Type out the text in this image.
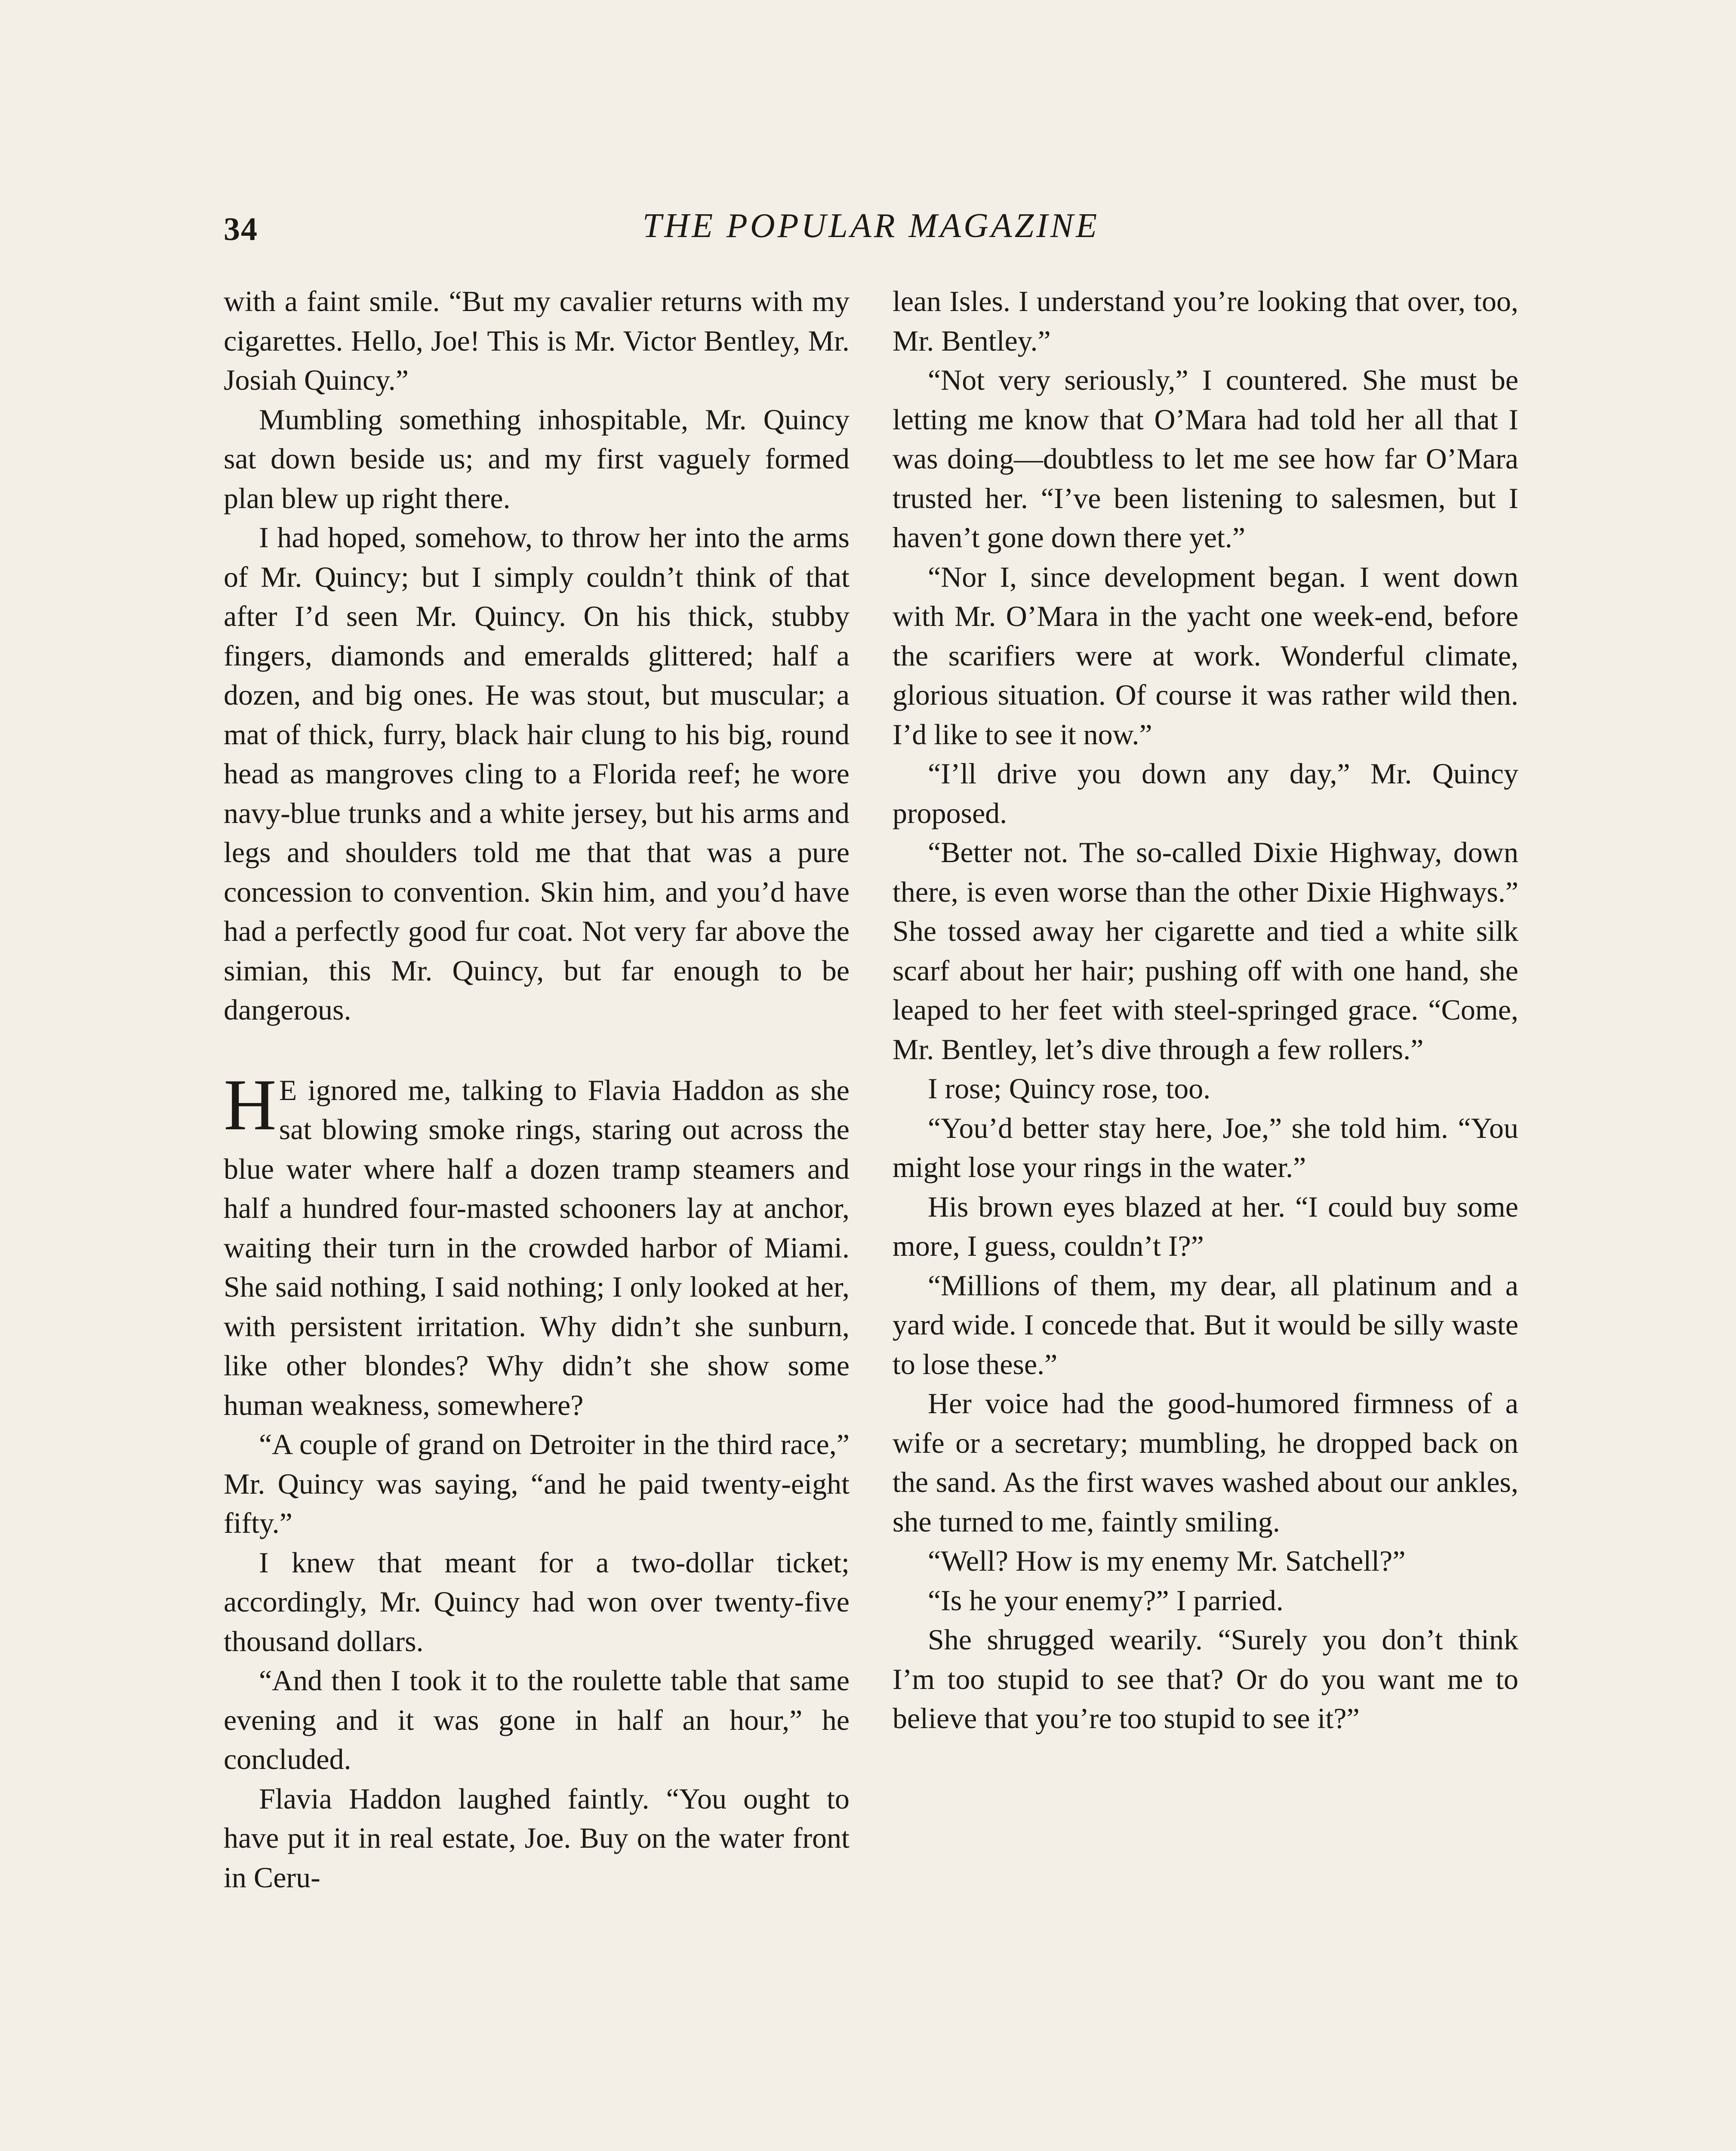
34	THE POPULAR MAGAZINE

with a faint smile. “But my cavalier returns with my cigarettes. Hello, Joe! This is Mr. Victor Bentley, Mr. Josiah Quincy.”

Mumbling something inhospitable, Mr. Quincy sat down beside us; and my first vaguely formed plan blew up right there.

I had hoped, somehow, to throw her into the arms of Mr. Quincy; but I simply couldn’t think of that after I’d seen Mr. Quincy. On his thick, stubby fingers, diamonds and emeralds glittered; half a dozen, and big ones. He was stout, but muscular; a mat of thick, furry, black hair clung to his big, round head as mangroves cling to a Florida reef; he wore navy-blue trunks and a white jersey, but his arms and legs and shoulders told me that that was a pure concession to convention. Skin him, and you’d have had a perfectly good fur coat. Not very far above the simian, this Mr. Quincy, but far enough to be dangerous.

H E ignored me, talking to Flavia Haddon as she sat blowing smoke rings, staring out across the blue water where half a dozen tramp steamers and half a hundred four-masted schooners lay at anchor, waiting their turn in the crowded harbor of Miami. She said nothing, I said nothing; I only looked at her, with persistent irritation. Why didn’t she sunburn, like other blondes? Why didn’t she show some human weakness, somewhere?

“A couple of grand on Detroiter in the third race,” Mr. Quincy was saying, “and he paid twenty-eight fifty.”

I knew that meant for a two-dollar ticket; accordingly, Mr. Quincy had won over twenty-five thousand dollars.

“And then I took it to the roulette table that same evening and it was gone in half an hour,” he concluded.

Flavia Haddon laughed faintly. “You ought to have put it in real estate, Joe. Buy on the water front in Ceru-

lean Isles. I understand you’re looking that over, too, Mr. Bentley.”

“Not very seriously,” I countered. She must be letting me know that O’Mara had told her all that I was doing—doubtless to let me see how far O’Mara trusted her. “I’ve been listening to salesmen, but I haven’t gone down there yet.”

“Nor I, since development began. I went down with Mr. O’Mara in the yacht one week-end, before the scarifiers were at work. Wonderful climate, glorious situation. Of course it was rather wild then. I’d like to see it now.”

“I’ll drive you down any day,” Mr. Quincy proposed.

“Better not. The so-called Dixie Highway, down there, is even worse than the other Dixie Highways.” She tossed away her cigarette and tied a white silk scarf about her hair; pushing off with one hand, she leaped to her feet with steel-springed grace. “Come, Mr. Bentley, let’s dive through a few rollers.”

I rose; Quincy rose, too.

“You’d better stay here, Joe,” she told him. “You might lose your rings in the water.”

His brown eyes blazed at her. “I could buy some more, I guess, couldn’t I?”

“Millions of them, my dear, all platinum and a yard wide. I concede that. But it would be silly waste to lose these.”

Her voice had the good-humored firmness of a wife or a secretary; mumbling, he dropped back on the sand. As the first waves washed about our ankles, she turned to me, faintly smiling.

“Well? How is my enemy Mr. Satchell?”

“Is he your enemy?” I parried.

She shrugged wearily. “Surely you don’t think I’m too stupid to see that? Or do you want me to believe that you’re too stupid to see it?”
